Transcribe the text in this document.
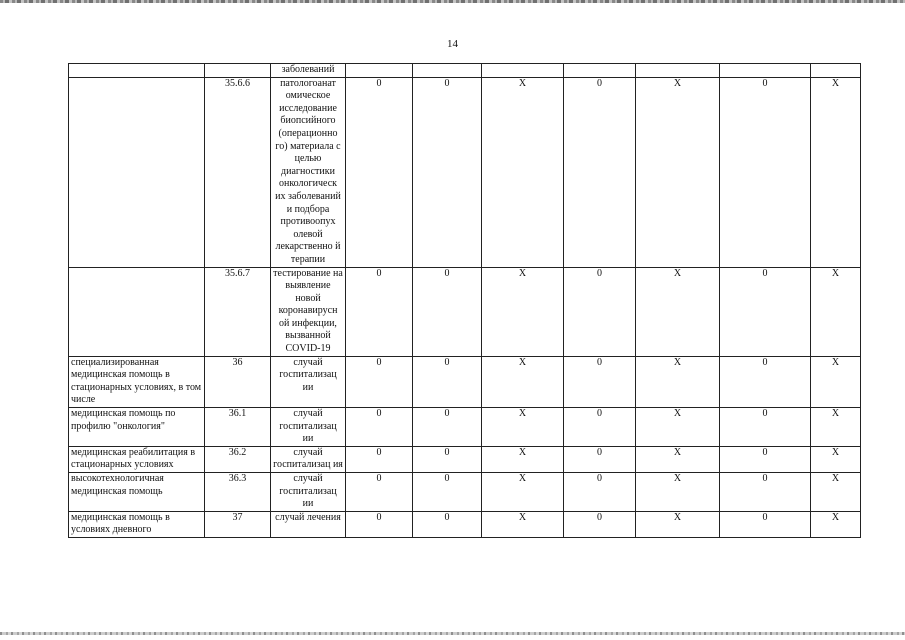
14
		заболеваний							
	35.6.6	патологоанат омическое исследование биопсийного (операционно го) материала с целью диагностики онкологическ их заболеваний и подбора противоопух олевой лекарственно й терапии	0	0	X	0	X	0	X
	35.6.7	тестирование на выявление новой коронавирусн ой инфекции, вызванной COVID-19	0	0	X	0	X	0	X
специализированная медицинская помощь в стационарных условиях, в том числе	36	случай госпитализац ии	0	0	X	0	X	0	X
медицинская помощь по профилю "онкология"	36.1	случай госпитализац ии	0	0	X	0	X	0	X
медицинская реабилитация в стационарных условиях	36.2	случай госпитализац ия	0	0	X	0	X	0	X
высокотехнологичная медицинская помощь	36.3	случай госпитализац ии	0	0	X	0	X	0	X
медицинская помощь в условиях дневного	37	случай лечения	0	0	X	0	X	0	X
